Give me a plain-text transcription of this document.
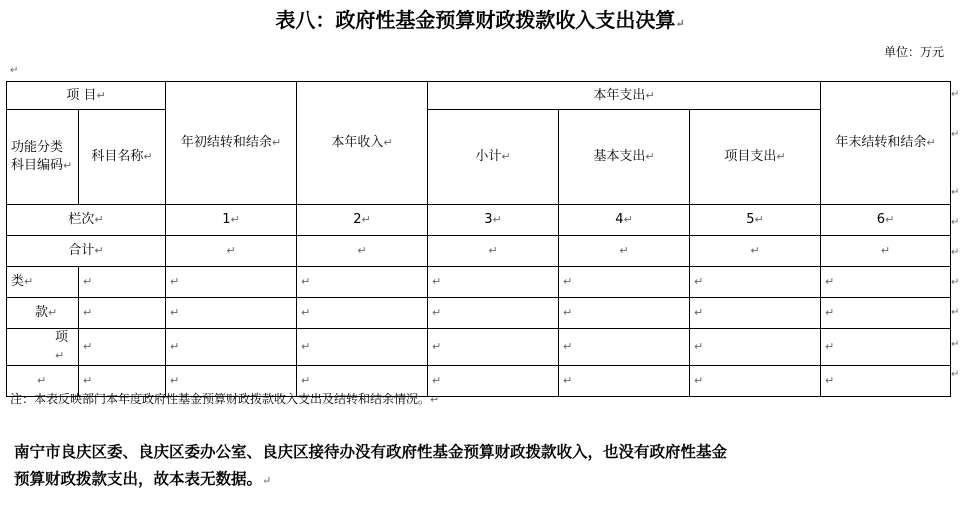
表八：政府性基金预算财政拨款收入支出决算↵
↵
单位：万元
项 目↵		年初结转和结余↵	本年收入↵	本年支出↵			年末结转和结余↵
功能分类科目编码↵	科目名称↵			小计↵	基本支出↵	项目支出↵	
栏次↵		1↵	2↵	3↵	4↵	5↵	6↵
合计↵		↵	↵	↵	↵	↵	↵
类↵	↵	↵	↵	↵	↵	↵	↵
款↵	↵	↵	↵	↵	↵	↵	↵
项↵	↵	↵	↵	↵	↵	↵	↵
↵	↵	↵	↵	↵	↵	↵	↵
↵
↵
↵
↵
↵
↵
↵
↵
↵
注：本表反映部门本年度政府性基金预算财政拨款收入支出及结转和结余情况。↵

南宁市良庆区委、良庆区委办公室、良庆区接待办没有政府性基金预算财政拨款收入，也没有政府性基金

预算财政拨款支出，故本表无数据。↵
